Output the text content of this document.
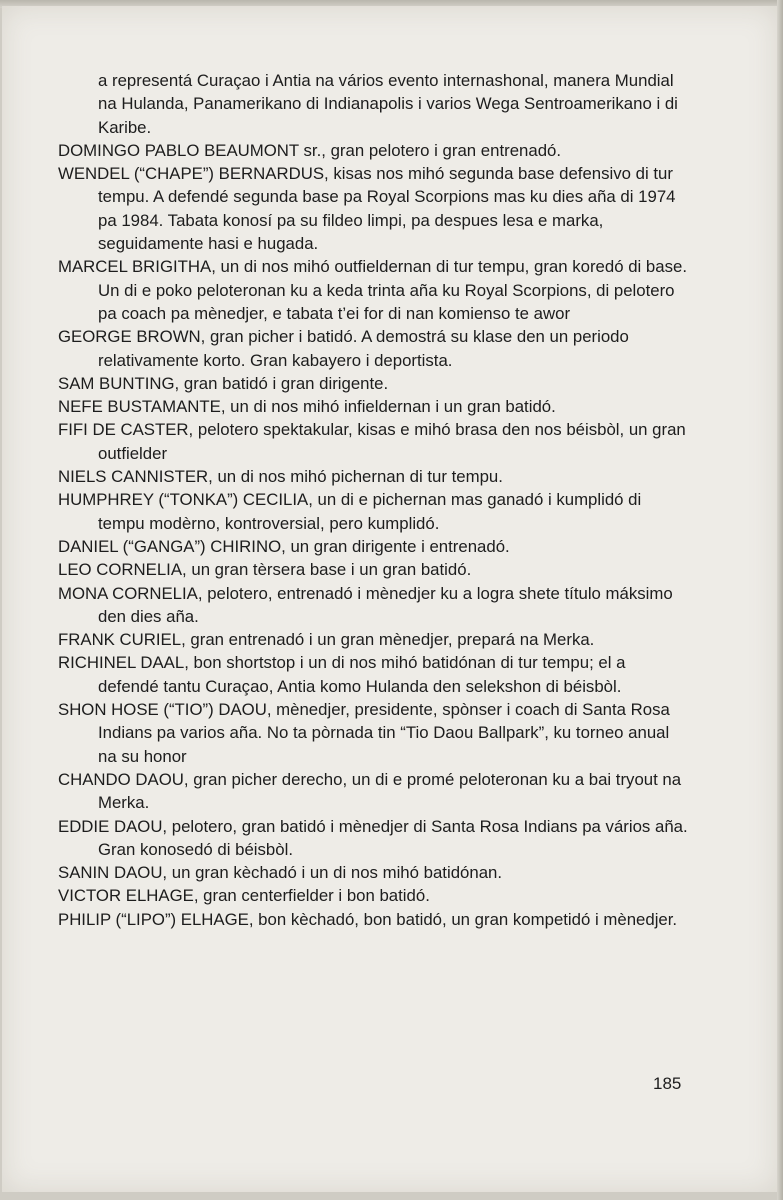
a representá Curaçao i Antia na vários evento internashonal, manera Mundial na Hulanda, Panamerikano di Indianapolis i varios Wega Sentroamerikano i di Karibe.
DOMINGO PABLO BEAUMONT sr., gran pelotero i gran entrenadó.
WENDEL (“CHAPE”) BERNARDUS, kisas nos mihó segunda base defensivo di tur tempu. A defendé segunda base pa Royal Scorpions mas ku dies aña di 1974 pa 1984. Tabata konosí pa su fildeo limpi, pa despues lesa e marka, seguidamente hasi e hugada.
MARCEL BRIGITHA, un di nos mihó outfieldernan di tur tempu, gran koredó di base. Un di e poko peloteronan ku a keda trinta aña ku Royal Scorpions, di pelotero pa coach pa mènedjer, e tabata t’ei for di nan komienso te awor
GEORGE BROWN, gran picher i batidó. A demostrá su klase den un periodo relativamente korto. Gran kabayero i deportista.
SAM BUNTING, gran batidó i gran dirigente.
NEFE BUSTAMANTE, un di nos mihó infieldernan i un gran batidó.
FIFI DE CASTER, pelotero spektakular, kisas e mihó brasa den nos béisbòl, un gran outfielder
NIELS CANNISTER, un di nos mihó pichernan di tur tempu.
HUMPHREY (“TONKA”) CECILIA, un di e pichernan mas ganadó i kumplidó di tempu modèrno, kontroversial, pero kumplidó.
DANIEL (“GANGA”) CHIRINO, un gran dirigente i entrenadó.
LEO CORNELIA, un gran tèrsera base i un gran batidó.
MONA CORNELIA, pelotero, entrenadó i mènedjer ku a logra shete título máksimo den dies aña.
FRANK CURIEL, gran entrenadó i un gran mènedjer, prepará na Merka.
RICHINEL DAAL, bon shortstop i un di nos mihó batidónan di tur tempu; el a defendé tantu Curaçao, Antia komo Hulanda den selekshon di béisbòl.
SHON HOSE (“TIO”) DAOU, mènedjer, presidente, spònser i coach di Santa Rosa Indians pa varios aña. No ta pòrnada tin “Tio Daou Ballpark”, ku torneo anual na su honor
CHANDO DAOU, gran picher derecho, un di e promé peloteronan ku a bai tryout na Merka.
EDDIE DAOU, pelotero, gran batidó i mènedjer di Santa Rosa Indians pa vários aña. Gran konosedó di béisbòl.
SANIN DAOU, un gran kèchadó i un di nos mihó batidónan.
VICTOR ELHAGE, gran centerfielder i bon batidó.
PHILIP (“LIPO”) ELHAGE, bon kèchadó, bon batidó, un gran kompetidó i mènedjer.
185
